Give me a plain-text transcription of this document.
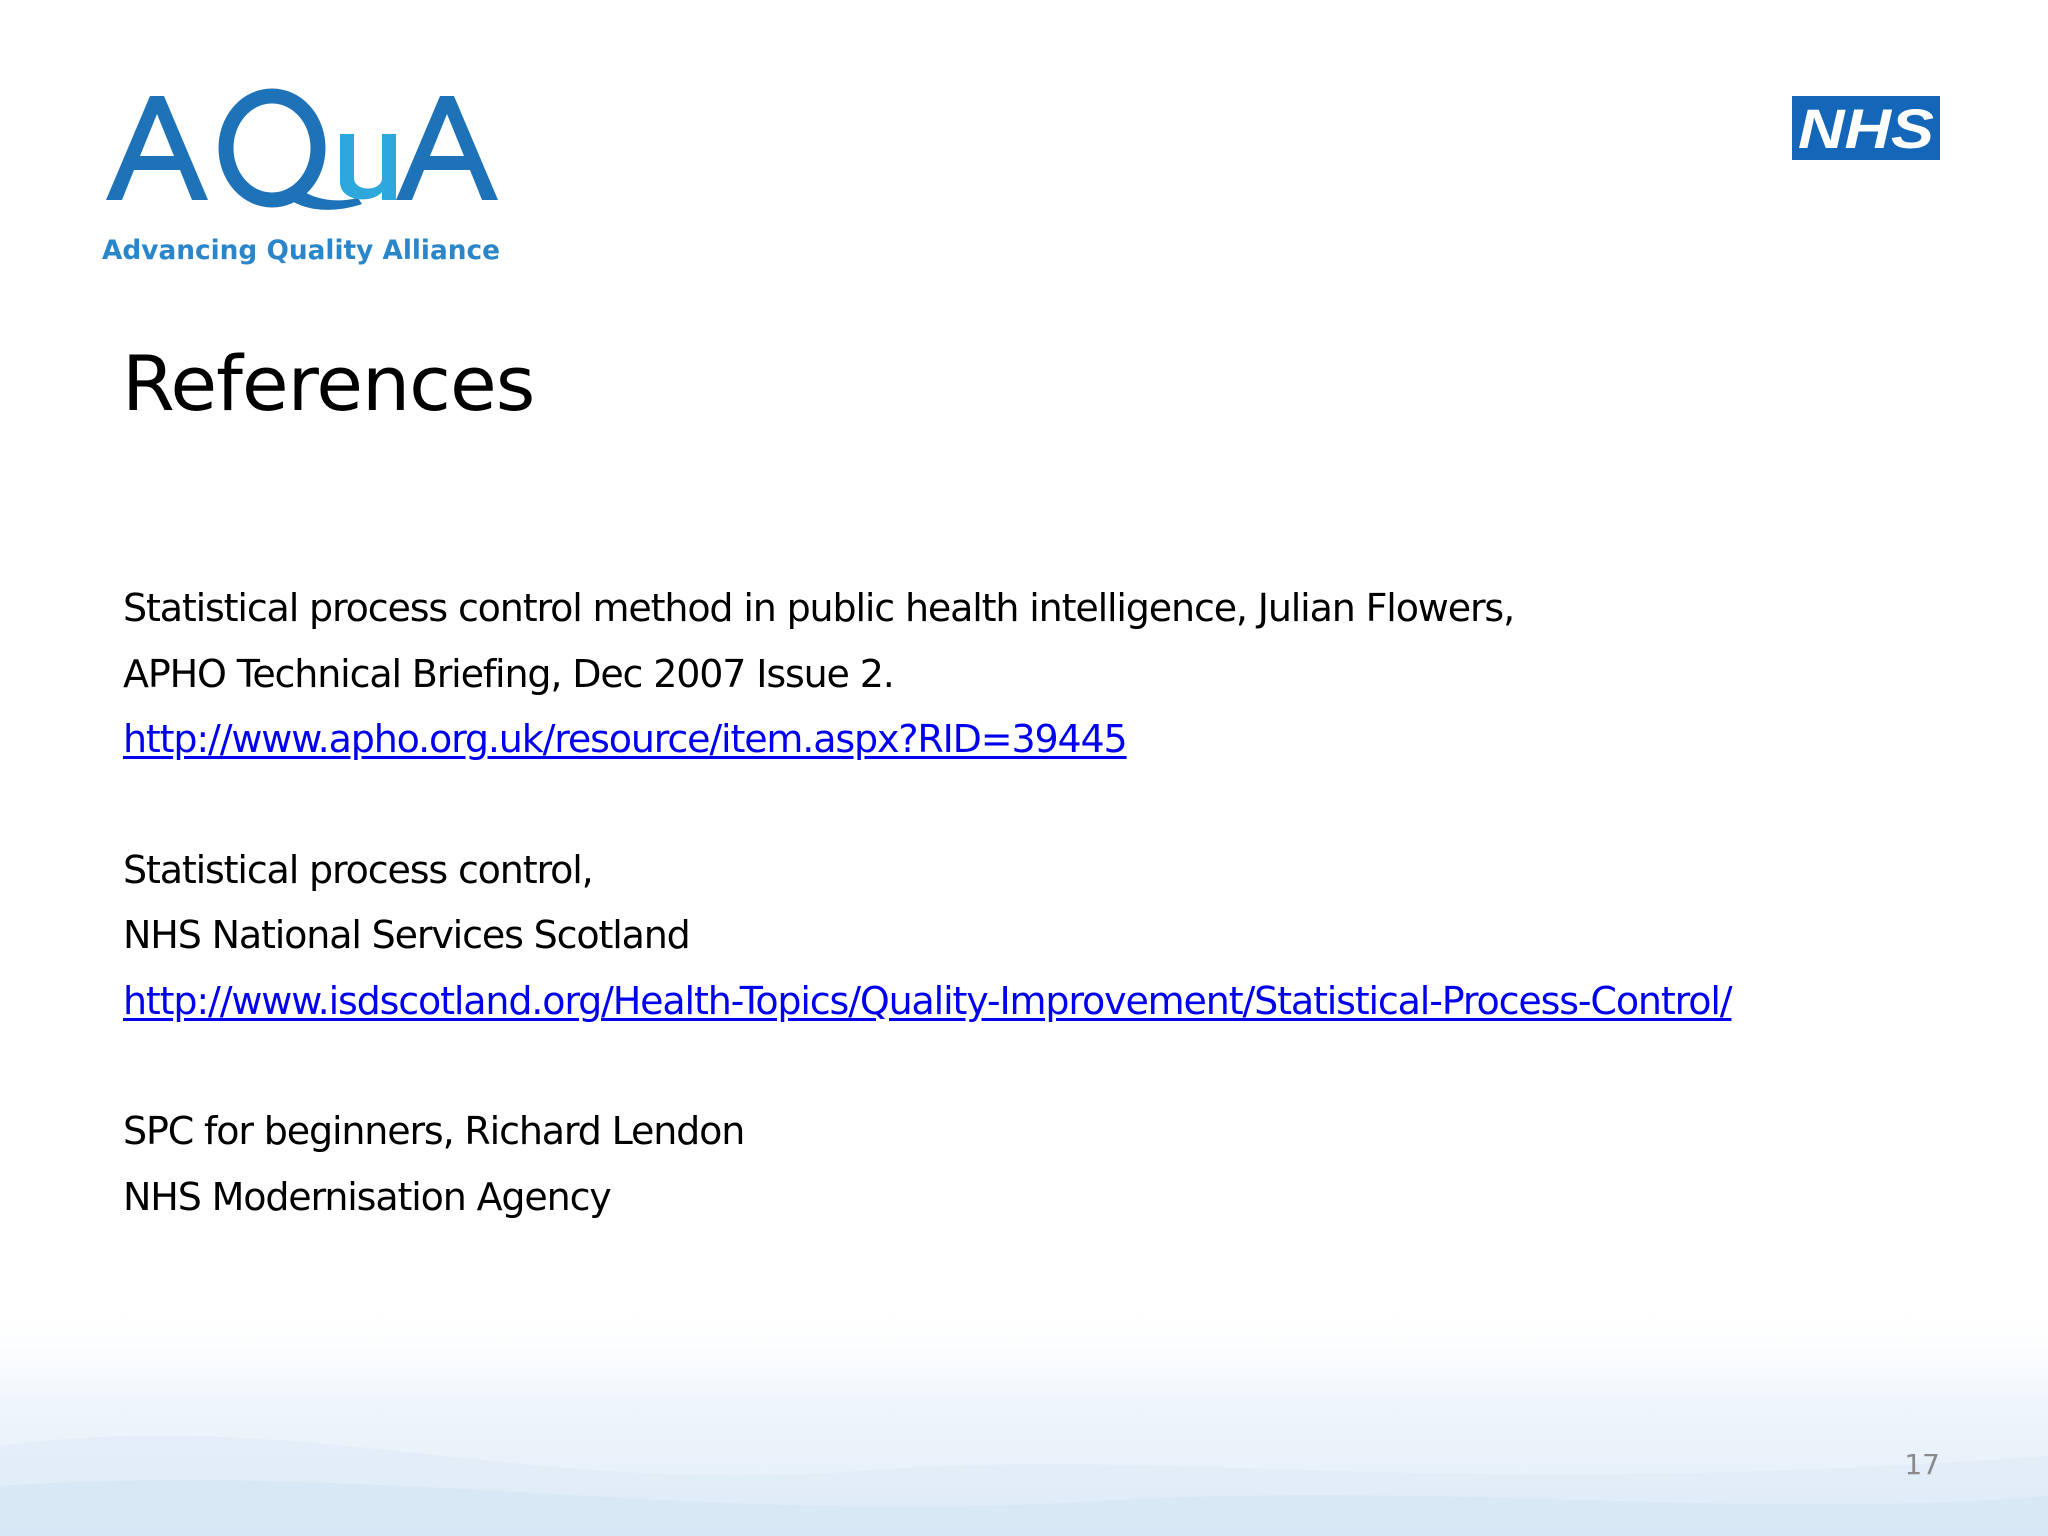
Advancing Quality Alliance
NHS
References
Statistical process control method in public health intelligence, Julian Flowers,
APHO Technical Briefing, Dec 2007 Issue 2.
http://www.apho.org.uk/resource/item.aspx?RID=39445
Statistical process control,
NHS National Services Scotland
http://www.isdscotland.org/Health-Topics/Quality-Improvement/Statistical-Process-Control/
SPC for beginners, Richard Lendon
NHS Modernisation Agency
17
